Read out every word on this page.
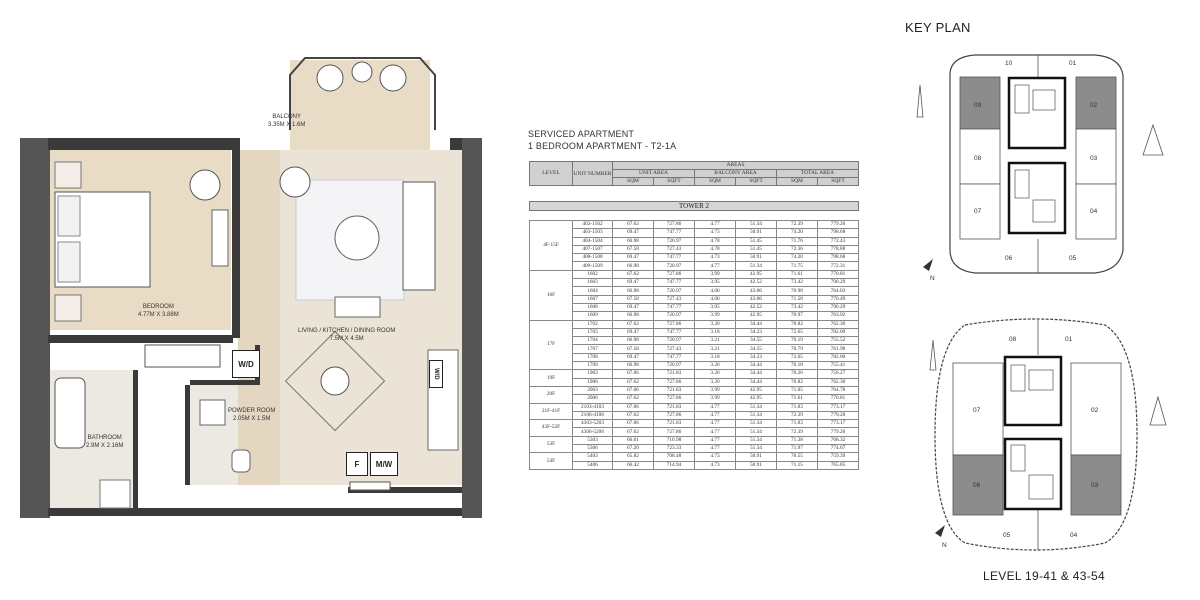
BALCONY
3.35M X 1.6M
BEDROOM
4.77M X 3.88M
LIVING / KITCHEN / DINING ROOM
7.5M X 4.5M
POWDER ROOM
2.05M X 1.5M
BATHROOM
2.9M X 2.16M
W/D
W/D
F	M/W
SERVICED APARTMENT
1 BEDROOM APARTMENT - T2-1A
LEVEL	UNIT NUMBER	AREAS					
		UNIT AREA		BALCONY AREA		TOTAL AREA	
		SQM	SQFT	SQM	SQFT	SQM	SQFT
TOWER 2
4F-15F	402-1502	67.62	727.86	4.77	51.34	72.39	779.20
	403-1503	69.47	747.77	4.73	50.91	74.20	798.68
	404-1504	66.98	720.97	4.78	51.45	71.76	772.43
	407-1507	67.58	727.43	4.78	51.45	72.36	778.88
	408-1508	69.47	747.77	4.73	50.91	74.20	798.68
	409-1509	66.98	720.97	4.77	51.34	71.75	772.31
16F	1602	67.62	727.86	3.99	42.95	71.61	770.81
	1603	69.47	747.77	3.95	42.52	73.42	790.29
	1604	66.98	720.97	4.00	43.06	70.98	764.03
	1607	67.58	727.43	4.00	43.06	71.58	770.49
	1608	69.47	747.77	3.95	42.52	73.42	790.29
	1609	66.98	720.97	3.99	42.95	70.97	763.92
17F	1702	67.62	727.86	3.20	34.44	70.82	762.30
	1703	69.47	747.77	3.18	34.23	72.65	782.00
	1704	66.98	720.97	3.21	34.55	70.19	755.52
	1707	67.58	727.43	3.21	34.55	70.79	761.98
	1708	69.47	747.77	3.18	34.23	72.65	782.00
	1709	66.98	720.97	3.20	34.44	70.18	755.41
19F	1903	67.06	721.83	3.20	34.44	70.26	756.27
	1906	67.62	727.86	3.20	34.44	70.82	762.30
20F	2003	67.06	721.83	3.99	42.95	71.05	764.78
	2006	67.62	727.86	3.99	42.95	71.61	770.81
21F-41F	2103-4103	67.06	721.83	4.77	51.34	71.83	773.17
	2106-4106	67.62	727.86	4.77	51.34	72.39	779.20
43F-52F	4303-5203	67.06	721.83	4.77	51.34	71.83	773.17
	4306-5206	67.62	727.86	4.77	51.34	72.39	779.20
53F	5303	66.61	716.98	4.77	51.34	71.38	768.32
	5306	67.20	723.33	4.77	51.34	71.97	774.67
54F	5403	65.82	708.48	4.73	50.91	70.55	759.39
	5406	66.42	714.94	4.73	50.91	71.15	765.85
KEY PLAN
10	01
02
03
04
05
06
07
08
09
N
08	01
02
03
04
05
06
07
N
LEVEL 19-41 & 43-54
